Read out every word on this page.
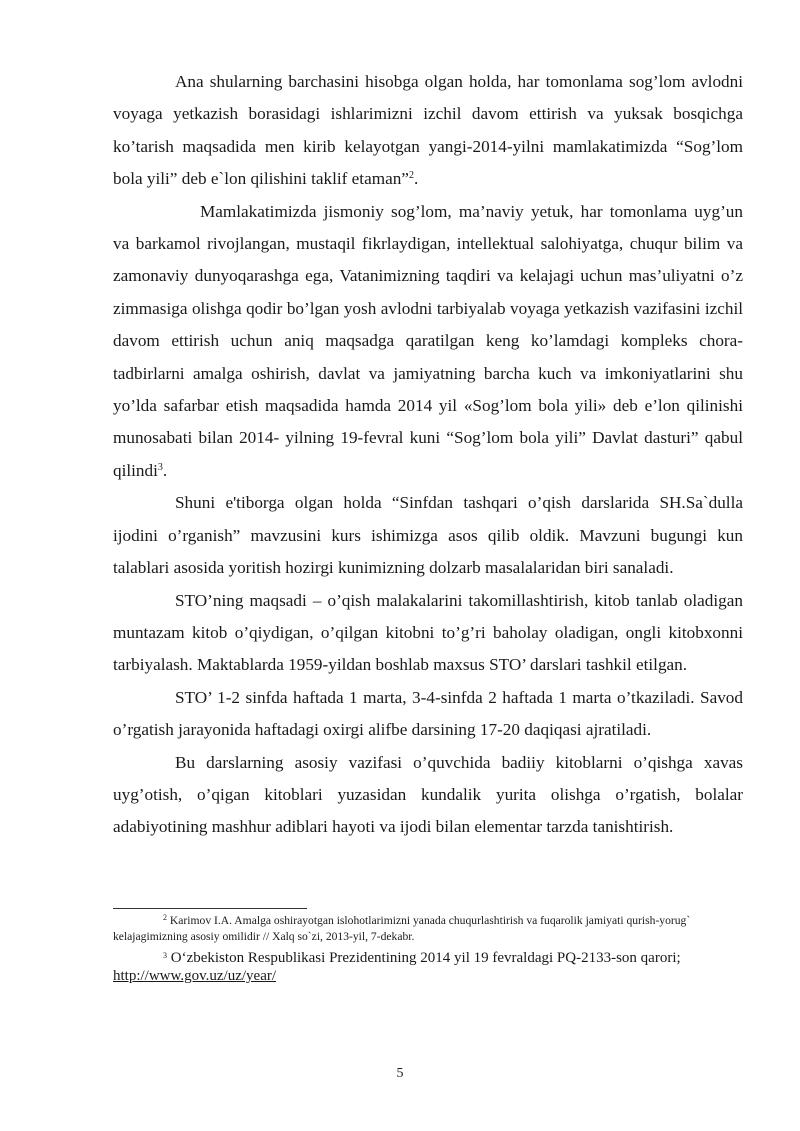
Ana shularning barchasini hisobga olgan holda, har tomonlama sog’lom avlodni voyaga yetkazish borasidagi ishlarimizni izchil davom ettirish va yuksak bosqichga ko’tarish maqsadida men kirib kelayotgan yangi-2014-yilni mamlakatimizda “Sog’lom bola yili” deb e`lon qilishini taklif etaman”$^2$.

Mamlakatimizda jismoniy sog’lom, ma’naviy yetuk, har tomonlama uyg’un va barkamol rivojlangan, mustaqil fikrlaydigan, intellektual salohiyatga, chuqur bilim va zamonaviy dunyoqarashga ega, Vatanimizning taqdiri va kelajagi uchun mas’uliyatni o’z zimmasiga olishga qodir bo’lgan yosh avlodni tarbiyalab voyaga yetkazish vazifasini izchil davom ettirish uchun aniq maqsadga qaratilgan keng ko’lamdagi kompleks chora-tadbirlarni amalga oshirish, davlat va jamiyatning barcha kuch va imkoniyatlarini shu yo’lda safarbar etish maqsadida hamda 2014 yil «Sog’lom bola yili» deb e’lon qilinishi munosabati bilan 2014- yilning 19-fevral kuni “Sog’lom bola yili” Davlat dasturi” qabul qilindi$^3$.

Shuni e'tiborga olgan holda “Sinfdan tashqari o’qish darslarida SH.Sa`dulla ijodini o’rganish” mavzusini kurs ishimizga asos qilib oldik. Mavzuni bugungi kun talablari asosida yoritish hozirgi kunimizning dolzarb masalalaridan biri sanaladi.

STO’ning maqsadi – o’qish malakalarini takomillashtirish, kitob tanlab oladigan muntazam kitob o’qiydigan, o’qilgan kitobni to’g’ri baholay oladigan, ongli kitobxonni tarbiyalash. Maktablarda 1959-yildan boshlab maxsus STO’ darslari tashkil etilgan.

STO’ 1-2 sinfda haftada 1 marta, 3-4-sinfda 2 haftada 1 marta o’tkaziladi. Savod o’rgatish jarayonida haftadagi oxirgi alifbe darsining 17-20 daqiqasi ajratiladi.

Bu darslarning asosiy vazifasi o’quvchida badiiy kitoblarni o’qishga xavas uyg’otish, o’qigan kitoblari yuzasidan kundalik yurita olishga o’rgatish, bolalar adabiyotining mashhur adiblari hayoti va ijodi bilan elementar tarzda tanishtirish.

$^2$ Karimov I.A. Amalga oshirayotgan islohotlarimizni yanada chuqurlashtirish va fuqarolik jamiyati qurish-yorug` kelajagimizning asosiy omilidir // Xalq so`zi, 2013-yil, 7-dekabr.

$^3$ O‘zbekiston Respublikasi Prezidentining 2014 yil 19 fevraldagi PQ-2133-son qarori; http://www.gov.uz/uz/year/

5
